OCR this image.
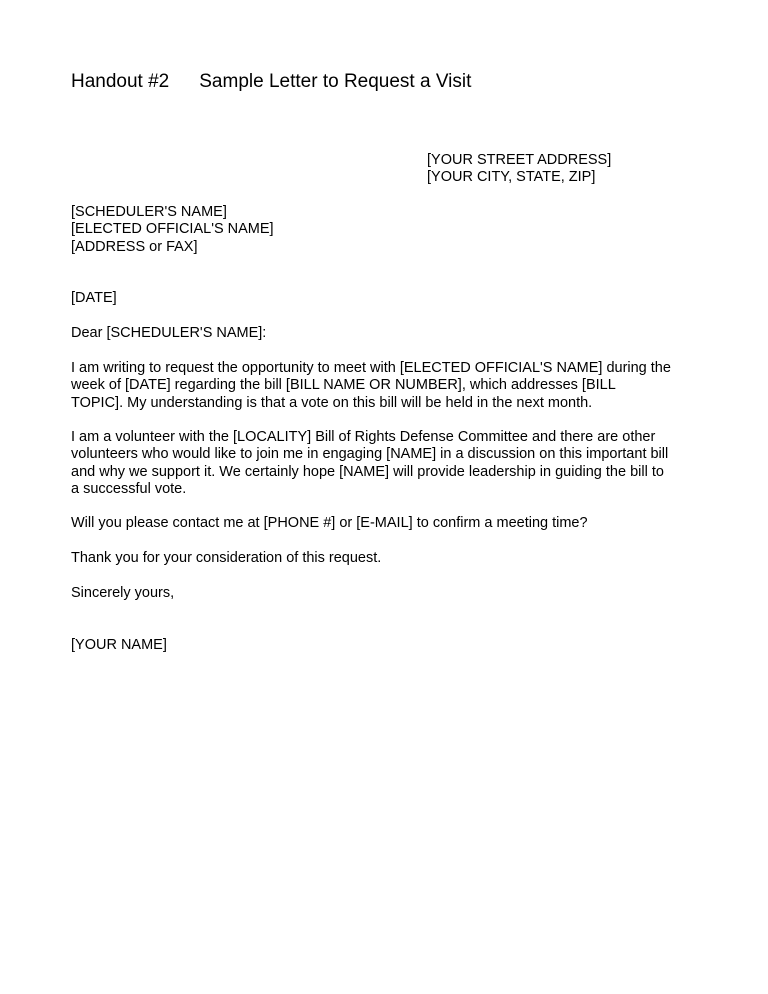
Handout #2 Sample Letter to Request a Visit
[YOUR STREET ADDRESS]
[YOUR CITY, STATE, ZIP]
[SCHEDULER'S NAME]
[ELECTED OFFICIAL'S NAME]
[ADDRESS or FAX]
[DATE]
Dear [SCHEDULER'S NAME]:

I am writing to request the opportunity to meet with [ELECTED OFFICIAL'S NAME] during the
week of [DATE] regarding the bill [BILL NAME OR NUMBER], which addresses [BILL
TOPIC]. My understanding is that a vote on this bill will be held in the next month.

I am a volunteer with the [LOCALITY] Bill of Rights Defense Committee and there are other
volunteers who would like to join me in engaging [NAME] in a discussion on this important bill
and why we support it. We certainly hope [NAME] will provide leadership in guiding the bill to
a successful vote.

Will you please contact me at [PHONE #] or [E-MAIL] to confirm a meeting time?

Thank you for your consideration of this request.

Sincerely yours,
[YOUR NAME]
